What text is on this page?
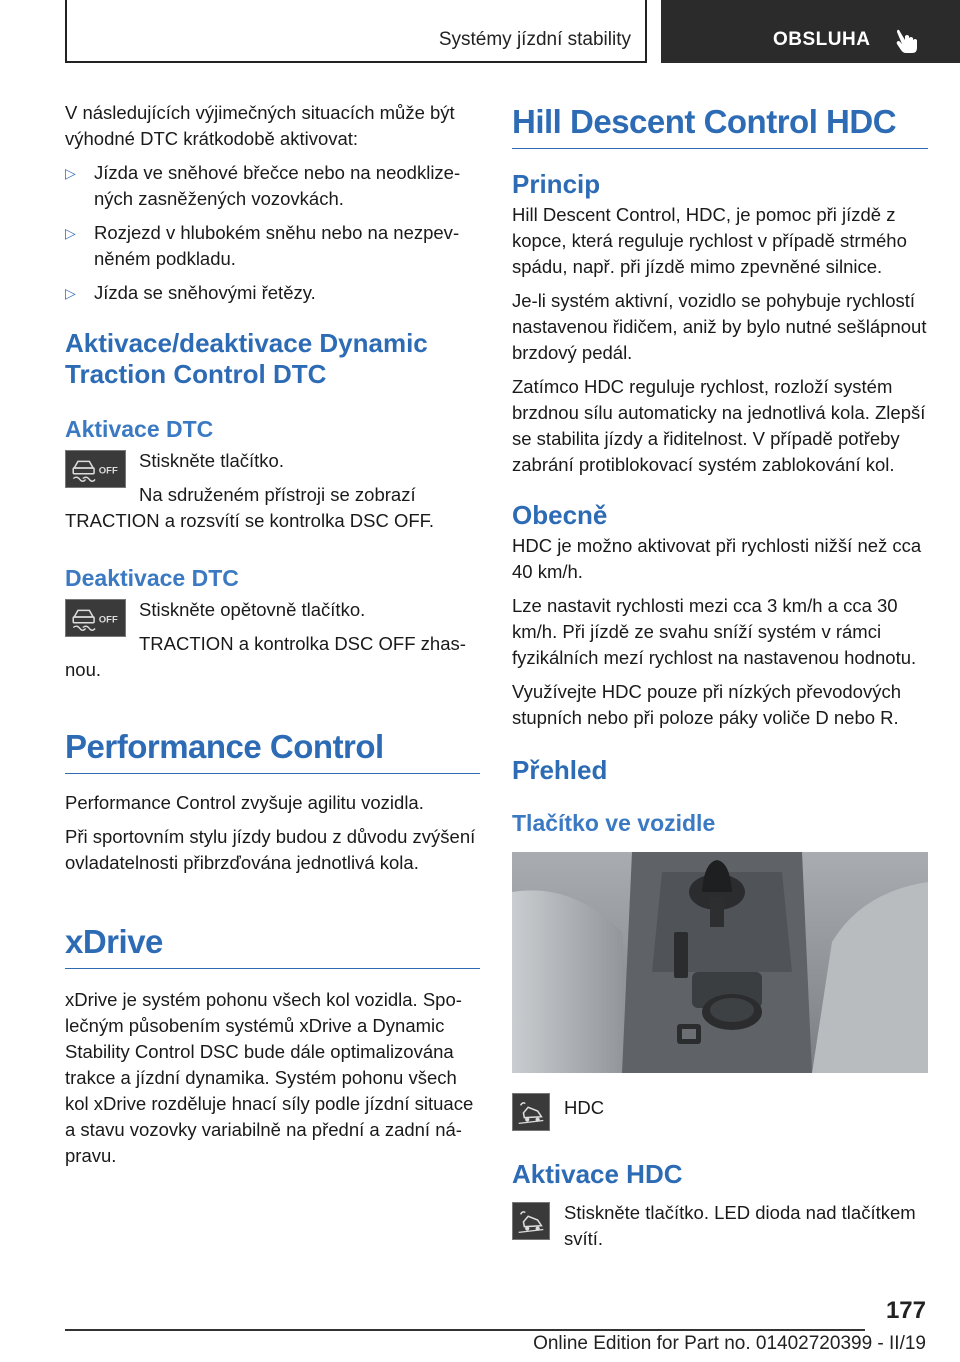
Systémy jízdní stability	OBSLUHA

V následujících výjimečných situacích může být výhodné DTC krátkodobě aktivovat:

▷ Jízda ve sněhové břečce nebo na neodklizených zasněžených vozovkách.
▷ Rozjezd v hlubokém sněhu nebo na nezpevněném podkladu.
▷ Jízda se sněhovými řetězy.
Aktivace/deaktivace Dynamic Traction Control DTC
Aktivace DTC
OFF

Stiskněte tlačítko.

Na sdruženém přístroji se zobrazí TRACTION a rozsvítí se kontrolka DSC OFF.

Deaktivace DTC
OFF

Stiskněte opětovně tlačítko.

TRACTION a kontrolka DSC OFF zhasnou.

Performance Control

Performance Control zvyšuje agilitu vozidla.

Při sportovním stylu jízdy budou z důvodu zvýšení ovladatelnosti přibrzďována jednotlivá kola.

xDrive

xDrive je systém pohonu všech kol vozidla. Společným působením systémů xDrive a Dynamic Stability Control DSC bude dále optimalizována trakce a jízdní dynamika. Systém pohonu všech kol xDrive rozděluje hnací síly podle jízdní situace a stavu vozovky variabilně na přední a zadní nápravu.

Hill Descent Control HDC
Princip

Hill Descent Control, HDC, je pomoc při jízdě z kopce, která reguluje rychlost v případě strmého spádu, např. při jízdě mimo zpevněné silnice.

Je-li systém aktivní, vozidlo se pohybuje rychlostí nastavenou řidičem, aniž by bylo nutné sešlápnout brzdový pedál.

Zatímco HDC reguluje rychlost, rozloží systém brzdnou sílu automaticky na jednotlivá kola. Zlepší se stabilita jízdy a řiditelnost. V případě potřeby zabrání protiblokovací systém zablokování kol.

Obecně

HDC je možno aktivovat při rychlosti nižší než cca 40 km/h.

Lze nastavit rychlosti mezi cca 3 km/h a cca 30 km/h. Při jízdě ze svahu sníží systém v rámci fyzikálních mezí rychlost na nastavenou hodnotu.

Využívejte HDC pouze při nízkých převodových stupních nebo při poloze páky voliče D nebo R.

Přehled
Tlačítko ve vozidle

HDC

Aktivace HDC

Stiskněte tlačítko. LED dioda nad tlačítkem svítí.

177
Online Edition for Part no. 01402720399 - II/19
